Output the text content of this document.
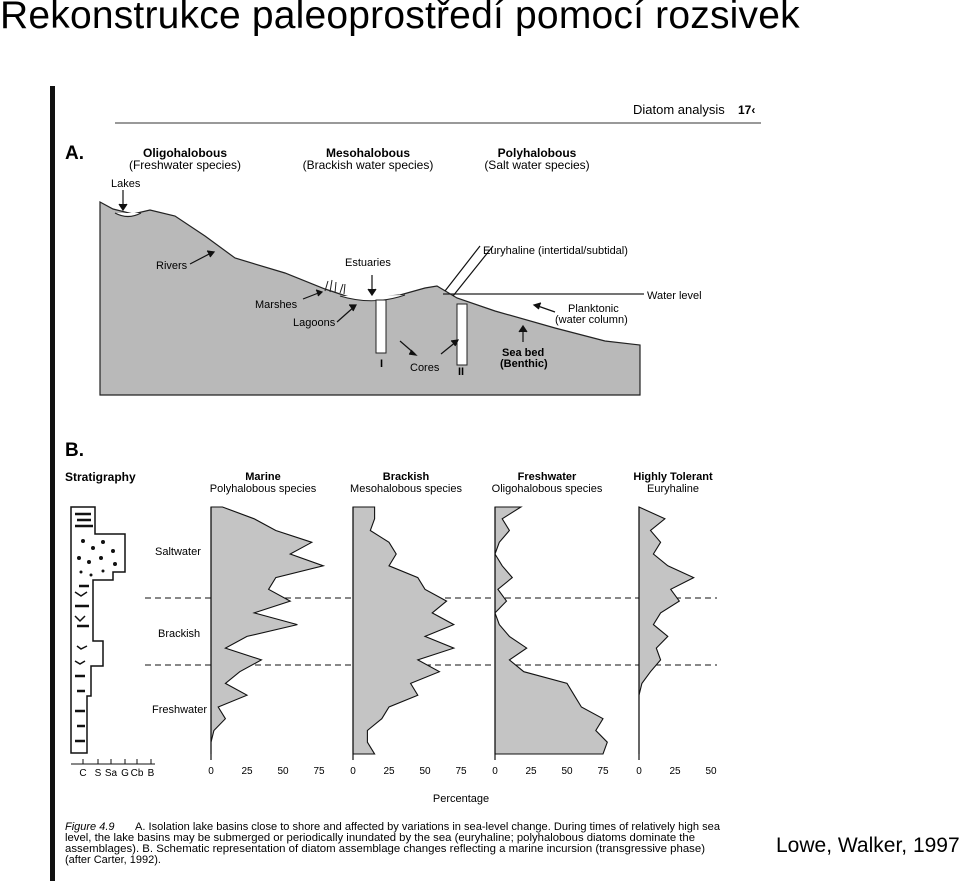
Rekonstrukce paleoprostředí pomocí rozsivek
Diatom analysis 17‹
A.	Oligohalobous
(Freshwater species)
Mesohalobous
(Brackish water species)
Polyhalobous
(Salt water species)
Lakes
Rivers	Estuaries
Marshes
Lagoons
Euryhaline (intertidal/subtidal)
Water level
Planktonic
(water column)
Sea bed
(Benthic)
Cores
I
II
B.
Stratigraphy	Marine
Polyhalobous species
Brackish
Mesohalobous species
Freshwater
Oligohalobous species
Highly Tolerant
Euryhaline
C S Sa G Cb B
Saltwater
Brackish
Freshwater
0	25 50 75	0	25 50 75	0	25 50 75	0	25 50
Percentage
Figure 4.9 A. Isolation lake basins close to shore and affected by variations in sea-level change. During times of relatively high sea
level, the lake basins may be submerged or periodically inundated by the sea (euryhaline; polyhalobous diatoms dominate the
assemblages). B. Schematic representation of diatom assemblage changes reflecting a marine incursion (transgressive phase)
(after Carter, 1992).
Lowe, Walker, 1997
